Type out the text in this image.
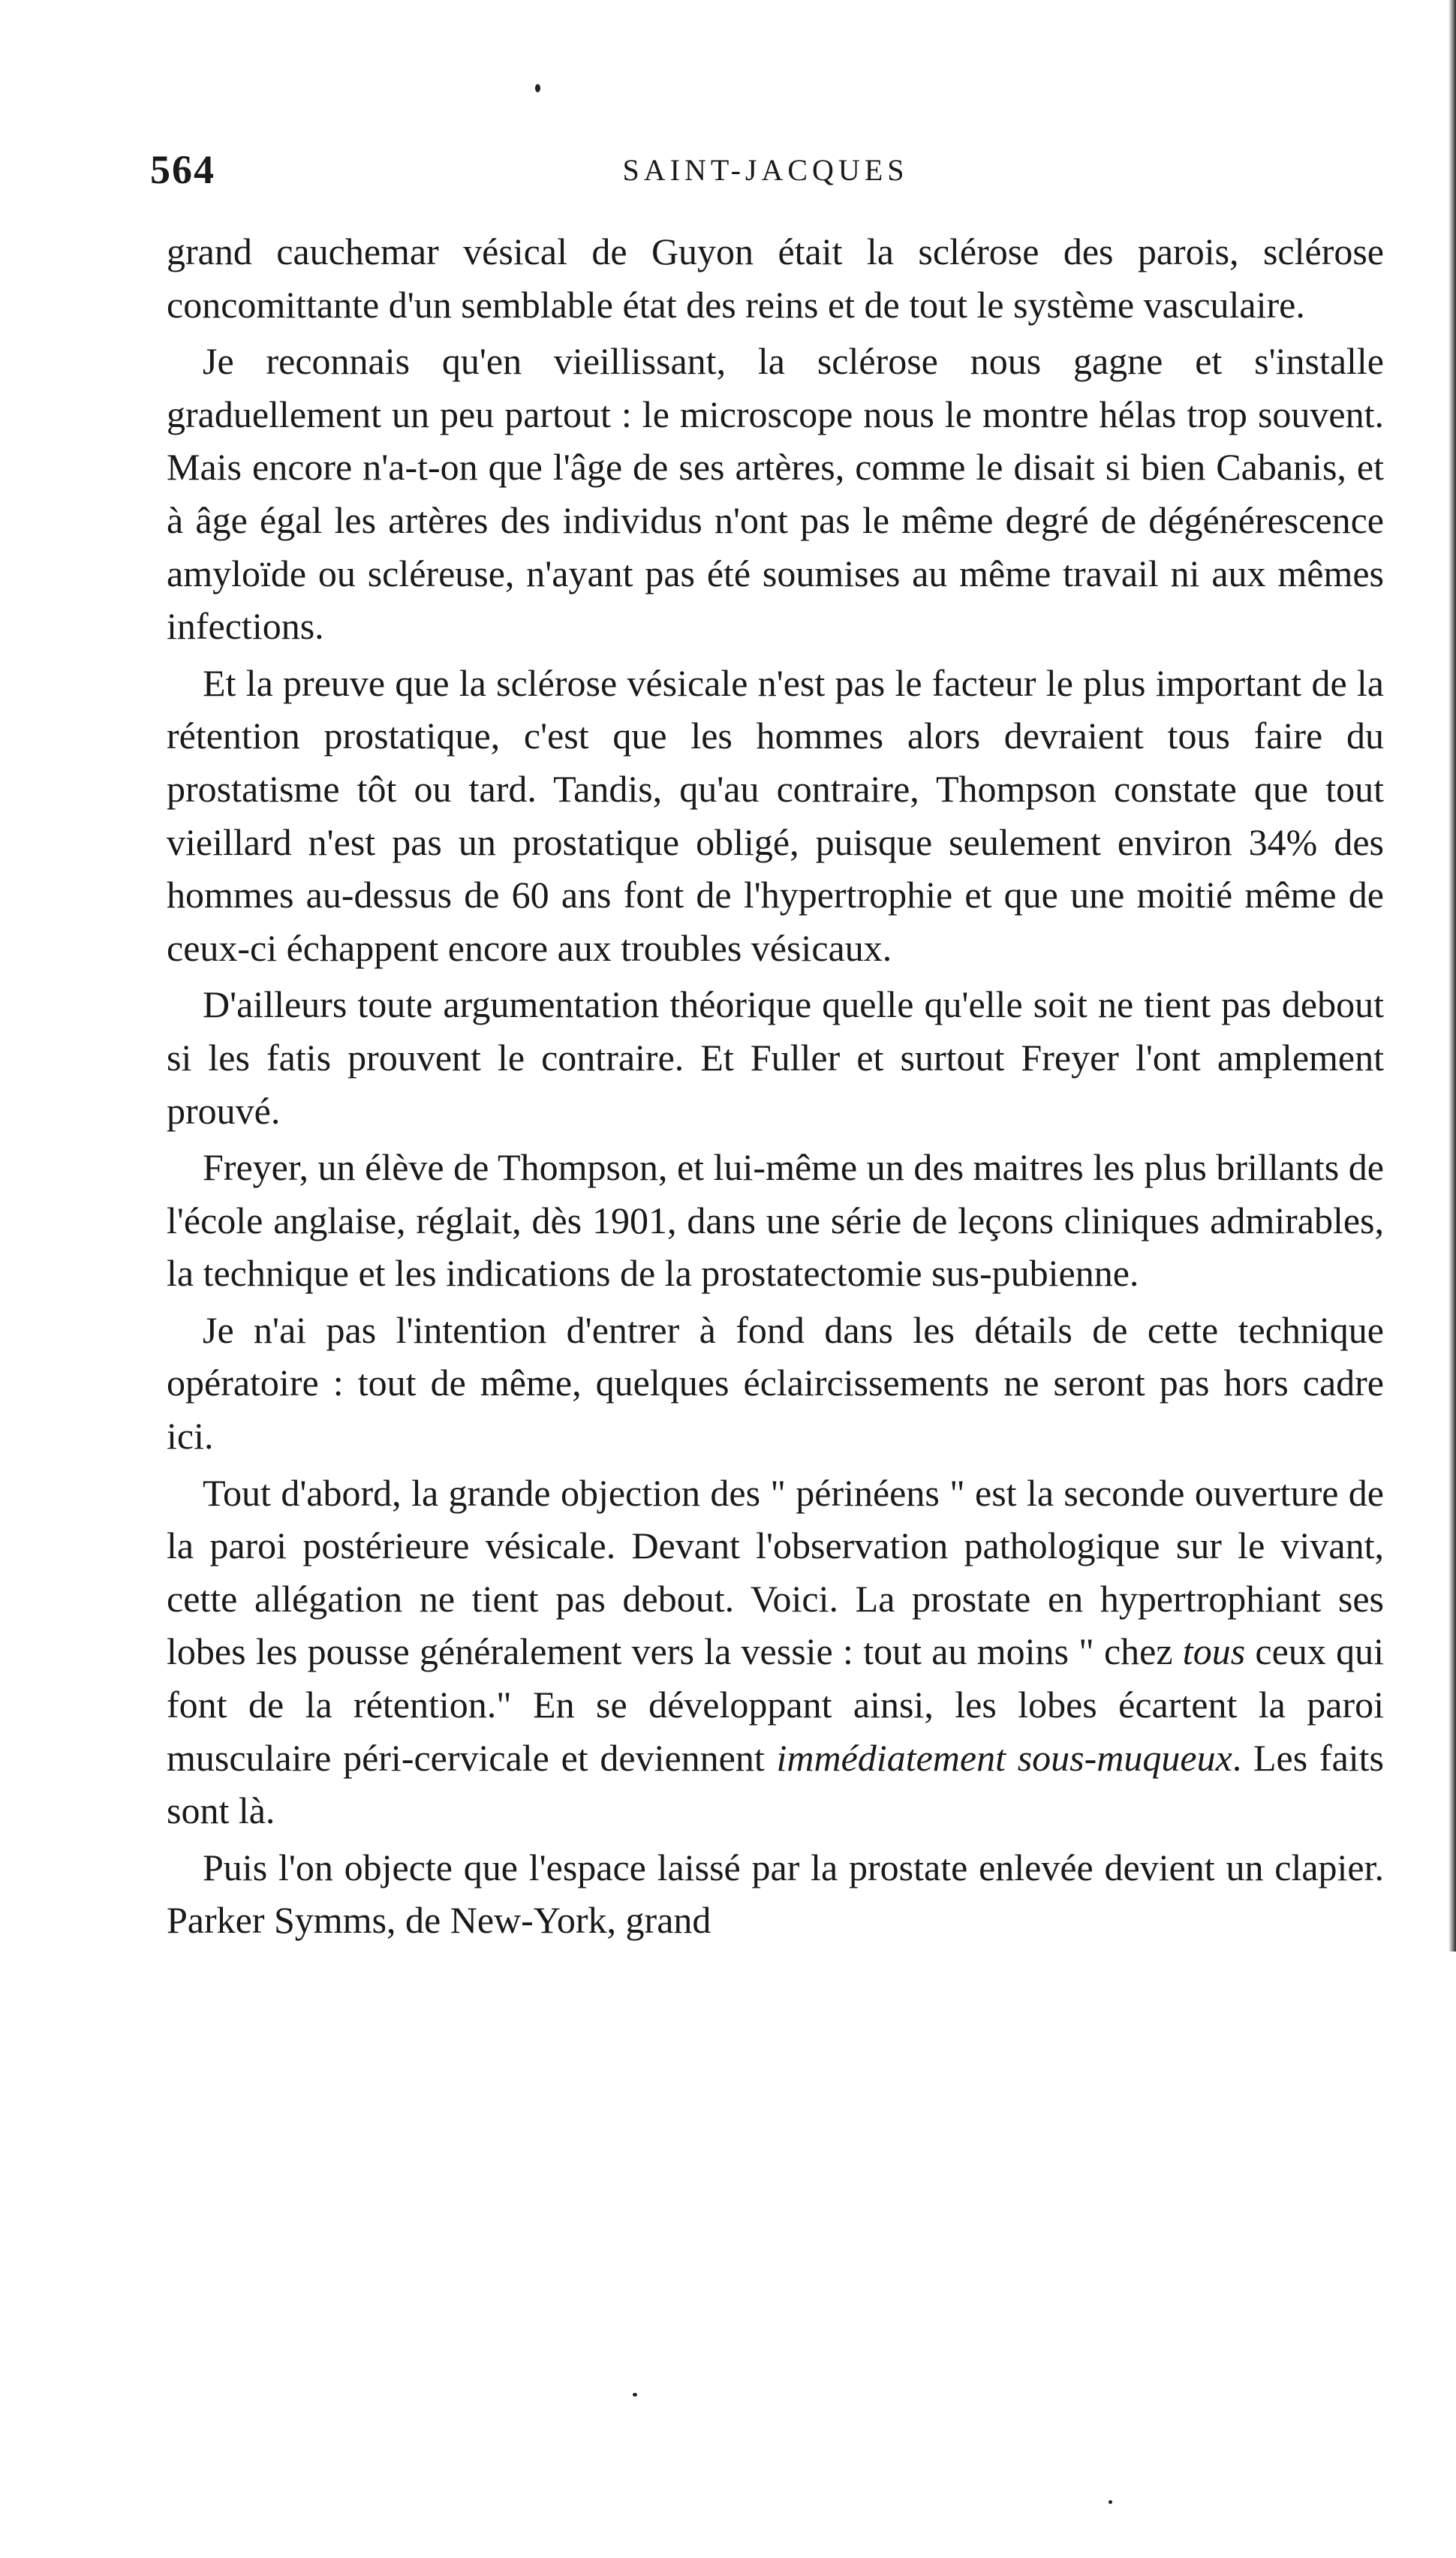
564	SAINT-JACQUES

grand cauchemar vésical de Guyon était la sclérose des parois, sclérose concomittante d'un semblable état des reins et de tout le système vasculaire.

Je reconnais qu'en vieillissant, la sclérose nous gagne et s'installe graduellement un peu partout : le microscope nous le montre hélas trop souvent. Mais encore n'a-t-on que l'âge de ses artères, comme le disait si bien Cabanis, et à âge égal les artères des individus n'ont pas le même degré de dégénérescence amyloïde ou scléreuse, n'ayant pas été soumises au même travail ni aux mêmes infections.

Et la preuve que la sclérose vésicale n'est pas le facteur le plus important de la rétention prostatique, c'est que les hommes alors devraient tous faire du prostatisme tôt ou tard. Tandis, qu'au contraire, Thompson constate que tout vieillard n'est pas un prostatique obligé, puisque seulement environ 34% des hommes au-dessus de 60 ans font de l'hypertrophie et que une moitié même de ceux-ci échappent encore aux troubles vésicaux.

D'ailleurs toute argumentation théorique quelle qu'elle soit ne tient pas debout si les fatis prouvent le contraire. Et Fuller et surtout Freyer l'ont amplement prouvé.

Freyer, un élève de Thompson, et lui-même un des maitres les plus brillants de l'école anglaise, réglait, dès 1901, dans une série de leçons cliniques admirables, la technique et les indications de la prostatectomie sus-pubienne.

Je n'ai pas l'intention d'entrer à fond dans les détails de cette technique opératoire : tout de même, quelques éclaircissements ne seront pas hors cadre ici.

Tout d'abord, la grande objection des " périnéens " est la seconde ouverture de la paroi postérieure vésicale. Devant l'observation pathologique sur le vivant, cette allégation ne tient pas debout. Voici. La prostate en hypertrophiant ses lobes les pousse généralement vers la vessie : tout au moins " chez tous ceux qui font de la rétention." En se développant ainsi, les lobes écartent la paroi musculaire péri-cervicale et deviennent immédiatement sous-muqueux. Les faits sont là.

Puis l'on objecte que l'espace laissé par la prostate enlevée devient un clapier. Parker Symms, de New-York, grand
